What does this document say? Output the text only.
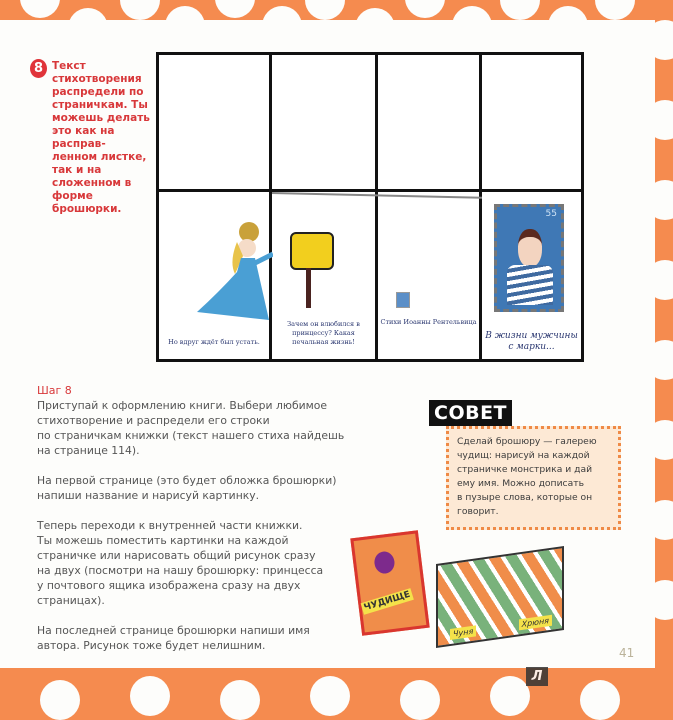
8 Текст стихотворения распредели по страничкам. Ты можешь делать это как на расправ- ленном листке, так и на сложенном в форме брошюрки.
Но вдруг ждёт был устать.
Зачем он влюбился в принцессу? Какая печальная жизнь!
Стихи Иоанны Рентельвица
55
В жизни мужчины с марки...
Шаг 8

Приступай к оформлению книги. Выбери любимое
стихотворение и распредели его строки
по страничкам книжки (текст нашего стиха найдешь
на странице 114).

На первой странице (это будет обложка брошюрки)
напиши название и нарисуй картинку.

Теперь переходи к внутренней части книжки.
Ты можешь поместить картинки на каждой
страничке или нарисовать общий рисунок сразу
на двух (посмотри на нашу брошюрку: принцесса
у почтового ящика изображена сразу на двух
страницах).

На последней странице брошюрки напиши имя
автора. Рисунок тоже будет нелишним.

Сделай брошюру — галерею
чудищ: нарисуй на каждой
страничке монстрика и дай
ему имя. Можно дописать
в пузыре слова, которые он
говорит.
СОВЕТ
ЧУДИЩЕ
Чуня
Хрюня
41
Л
